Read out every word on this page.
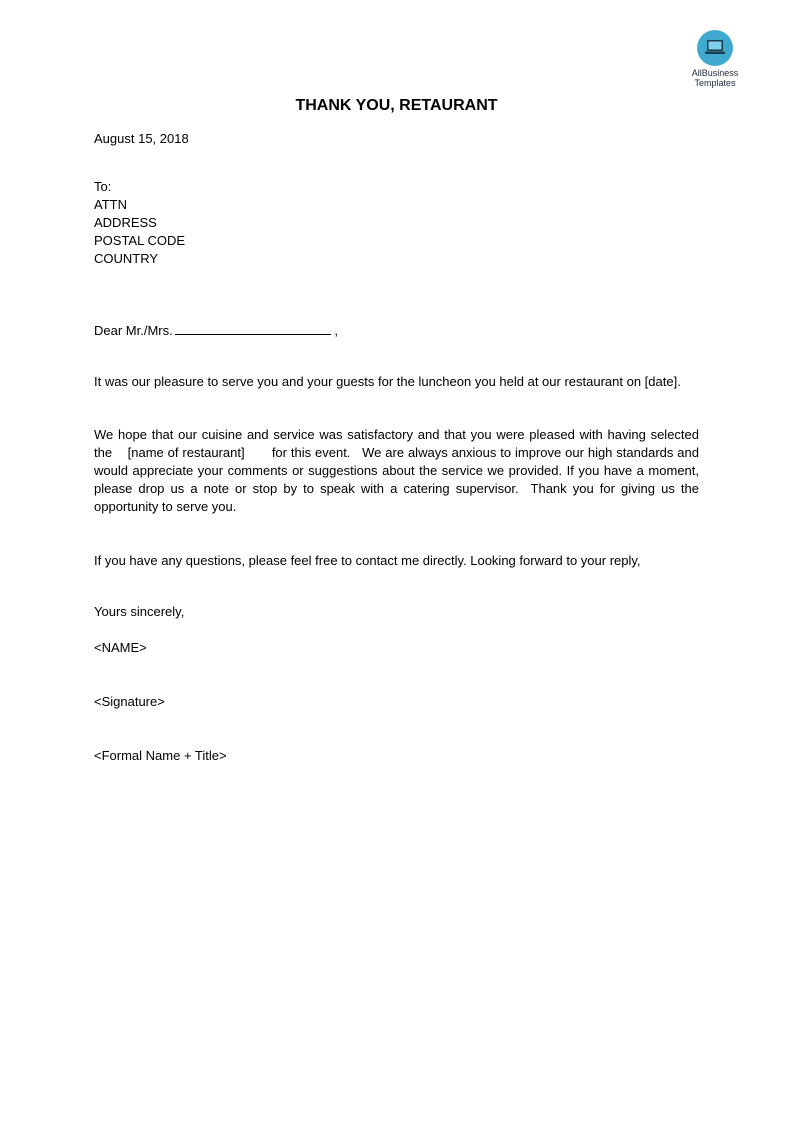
AllBusiness
Templates
THANK YOU, RETAURANT
August 15, 2018
To:
ATTN
ADDRESS
POSTAL CODE
COUNTRY
Dear Mr./Mrs.	,
It was our pleasure to serve you and your guests for the luncheon you held at our restaurant on [date].
We hope that our cuisine and service was satisfactory and that you were pleased with having selected the    [name of restaurant]       for this event.   We are always anxious to improve our high standards and would appreciate your comments or suggestions about the service we provided. If you have a moment, please drop us a note or stop by to speak with a catering supervisor.  Thank you for giving us the opportunity to serve you.
If you have any questions, please feel free to contact me directly. Looking forward to your reply,
Yours sincerely,
<NAME>
<Signature>
<Formal Name + Title>
